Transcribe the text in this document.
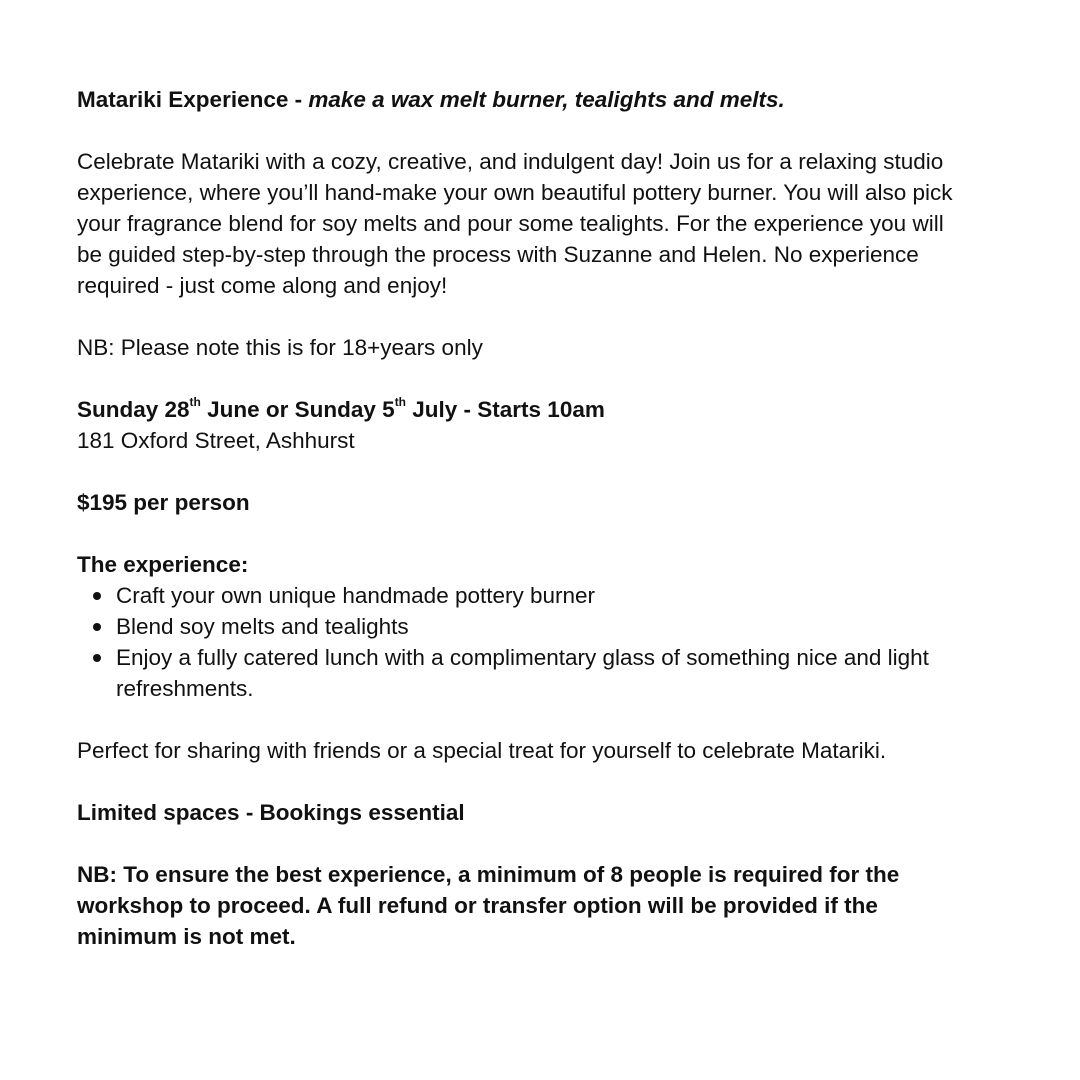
Matariki Experience - make a wax melt burner, tealights and melts.

Celebrate Matariki with a cozy, creative, and indulgent day! Join us for a relaxing studio experience, where you’ll hand-make your own beautiful pottery burner. You will also pick your fragrance blend for soy melts and pour some tealights. For the experience you will be guided step-by-step through the process with Suzanne and Helen. No experience required - just come along and enjoy!

NB: Please note this is for 18+years only

Sunday 28th June or Sunday 5th July - Starts 10am

181 Oxford Street, Ashhurst

$195 per person

The experience:

Craft your own unique handmade pottery burner
Blend soy melts and tealights
Enjoy a fully catered lunch with a complimentary glass of something nice and light refreshments.

Perfect for sharing with friends or a special treat for yourself to celebrate Matariki.

Limited spaces - Bookings essential

NB: To ensure the best experience, a minimum of 8 people is required for the workshop to proceed. A full refund or transfer option will be provided if the minimum is not met.
